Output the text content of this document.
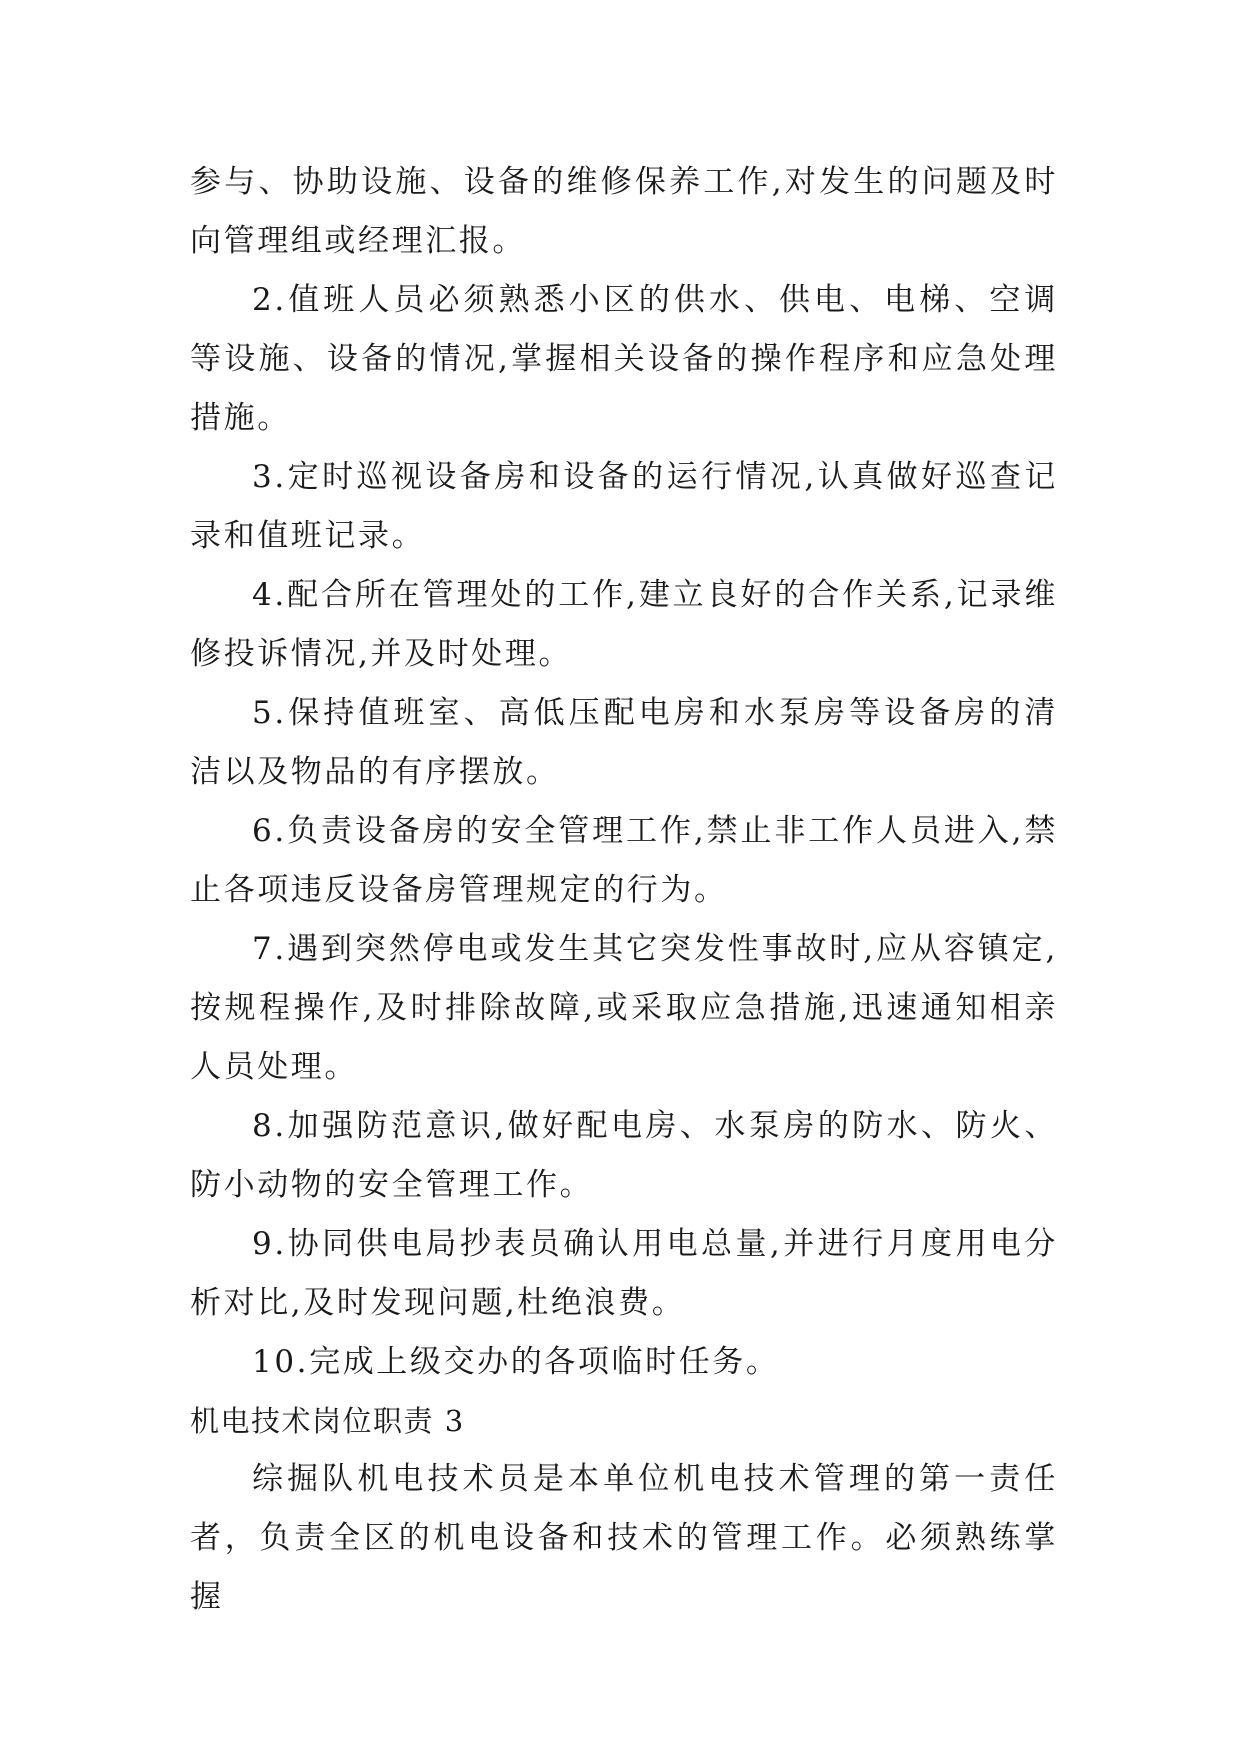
参与、协助设施、设备的维修保养工作,对发生的问题及时向管理组或经理汇报。

2.值班人员必须熟悉小区的供水、供电、电梯、空调等设施、设备的情况,掌握相关设备的操作程序和应急处理措施。

3.定时巡视设备房和设备的运行情况,认真做好巡查记录和值班记录。

4.配合所在管理处的工作,建立良好的合作关系,记录维修投诉情况,并及时处理。

5.保持值班室、高低压配电房和水泵房等设备房的清洁以及物品的有序摆放。

6.负责设备房的安全管理工作,禁止非工作人员进入,禁止各项违反设备房管理规定的行为。

7.遇到突然停电或发生其它突发性事故时,应从容镇定,按规程操作,及时排除故障,或采取应急措施,迅速通知相亲人员处理。

8.加强防范意识,做好配电房、水泵房的防水、防火、防小动物的安全管理工作。

9.协同供电局抄表员确认用电总量,并进行月度用电分析对比,及时发现问题,杜绝浪费。

10.完成上级交办的各项临时任务。

机电技术岗位职责 3

综掘队机电技术员是本单位机电技术管理的第一责任者，负责全区的机电设备和技术的管理工作。必须熟练掌握
